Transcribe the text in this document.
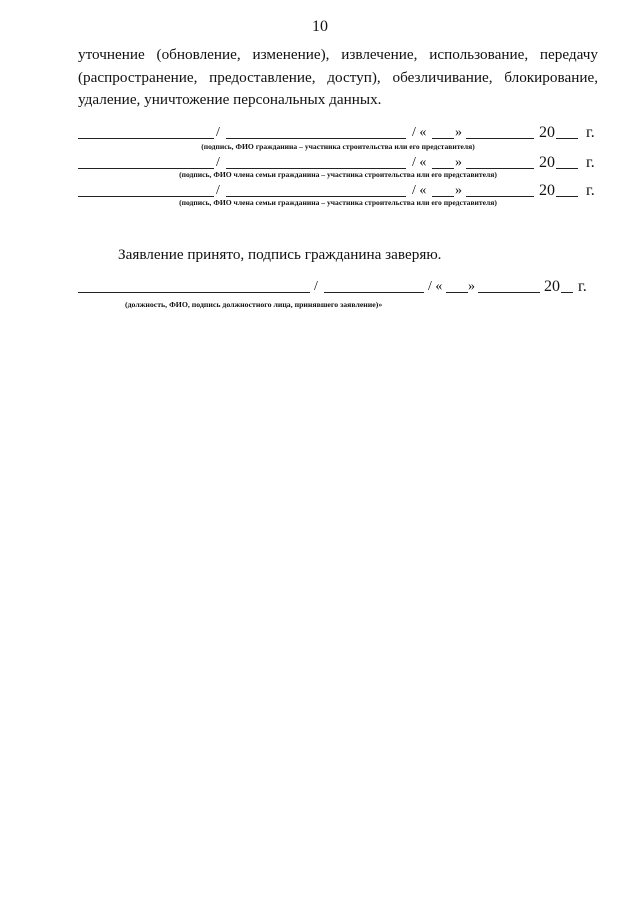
10
уточнение (обновление, изменение), извлечение, использование, передачу (распространение, предоставление, доступ), обезличивание, блокирование, удаление, уничтожение персональных данных.
/	/ « »	20 г.
(подпись, ФИО гражданина – участника строительства или его представителя)
/	/ « »	20 г.
(подпись, ФИО члена семьи гражданина – участника строительства или его представителя)
/	/ « »	20 г.
(подпись, ФИО члена семьи гражданина – участника строительства или его представителя)
Заявление принято, подпись гражданина заверяю.
/	/ « »	20 г.
(должность, ФИО, подпись должностного лица, принявшего заявление)»
